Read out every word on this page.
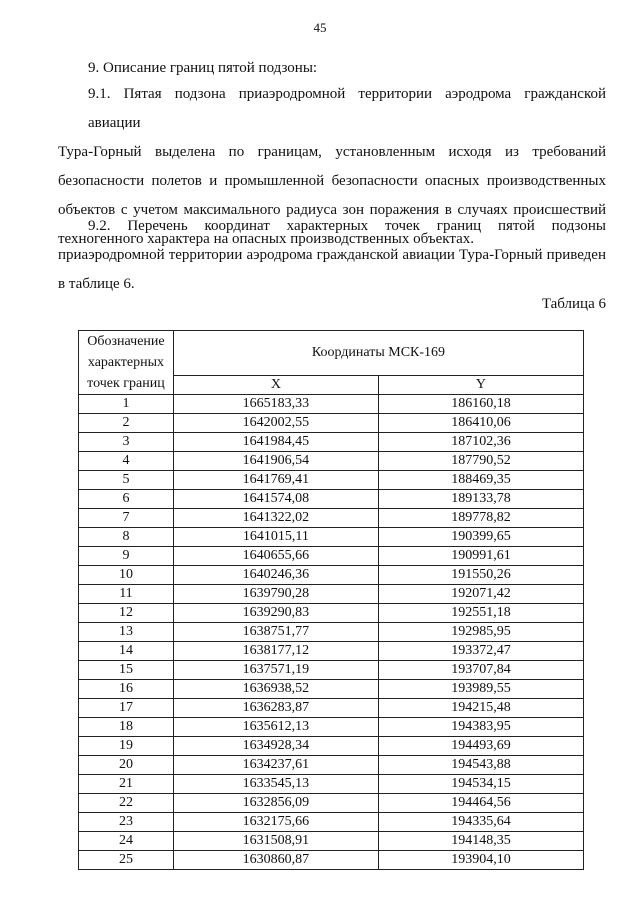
45
9. Описание границ пятой подзоны:
9.1. Пятая подзона приаэродромной территории аэродрома гражданской авиации
Тура-Горный выделена по границам, установленным исходя из требований
безопасности полетов и промышленной безопасности опасных производственных
объектов с учетом максимального радиуса зон поражения в случаях происшествий
техногенного характера на опасных производственных объектах.
9.2. Перечень координат характерных точек границ пятой подзоны
приаэродромной территории аэродрома гражданской авиации Тура-Горный приведен
в таблице 6.
Таблица 6
Обозначение характерных точек границ	Координаты МСК-169	
	X	Y
1	1665183,33	186160,18
2	1642002,55	186410,06
3	1641984,45	187102,36
4	1641906,54	187790,52
5	1641769,41	188469,35
6	1641574,08	189133,78
7	1641322,02	189778,82
8	1641015,11	190399,65
9	1640655,66	190991,61
10	1640246,36	191550,26
11	1639790,28	192071,42
12	1639290,83	192551,18
13	1638751,77	192985,95
14	1638177,12	193372,47
15	1637571,19	193707,84
16	1636938,52	193989,55
17	1636283,87	194215,48
18	1635612,13	194383,95
19	1634928,34	194493,69
20	1634237,61	194543,88
21	1633545,13	194534,15
22	1632856,09	194464,56
23	1632175,66	194335,64
24	1631508,91	194148,35
25	1630860,87	193904,10
